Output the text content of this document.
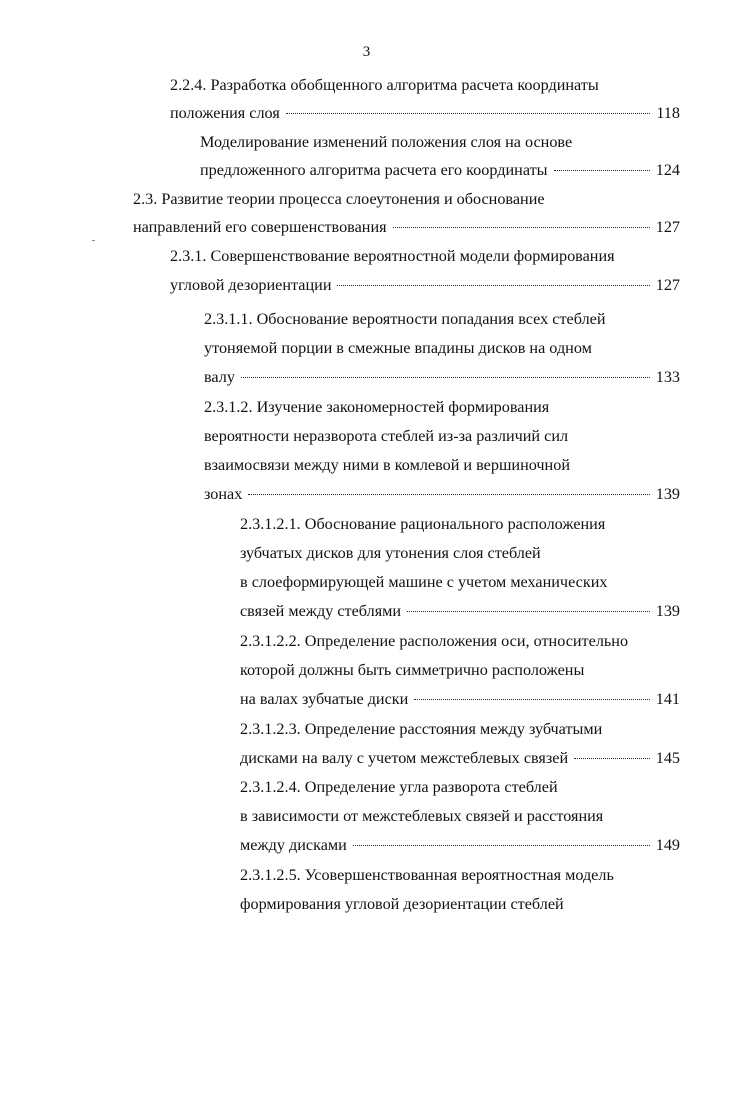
3
2.2.4. Разработка обобщенного алгоритма расчета координаты
положения слоя	118
Моделирование изменений положения слоя на основе
предложенного алгоритма расчета его координаты	124
2.3. Развитие теории процесса слоеутонения и обоснование
направлений его совершенствования	127
2.3.1. Совершенствование вероятностной модели формирования
угловой дезориентации	127
2.3.1.1. Обоснование вероятности попадания всех стеблей
утоняемой порции в смежные впадины дисков на одном
валу	133
2.3.1.2. Изучение закономерностей формирования
вероятности неразворота стеблей из-за различий сил
взаимосвязи между ними в комлевой и вершиночной
зонах	139
2.3.1.2.1. Обоснование рационального расположения
зубчатых дисков для утонения слоя стеблей
в слоеформирующей машине с учетом механических
связей между стеблями	139
2.3.1.2.2. Определение расположения оси, относительно
которой должны быть симметрично расположены
на валах зубчатые диски	141
2.3.1.2.3. Определение расстояния между зубчатыми
дисками на валу с учетом межстеблевых связей	145
2.3.1.2.4. Определение угла разворота стеблей
в зависимости от межстеблевых связей и расстояния
между дисками	149
2.3.1.2.5. Усовершенствованная вероятностная модель
формирования угловой дезориентации стеблей
